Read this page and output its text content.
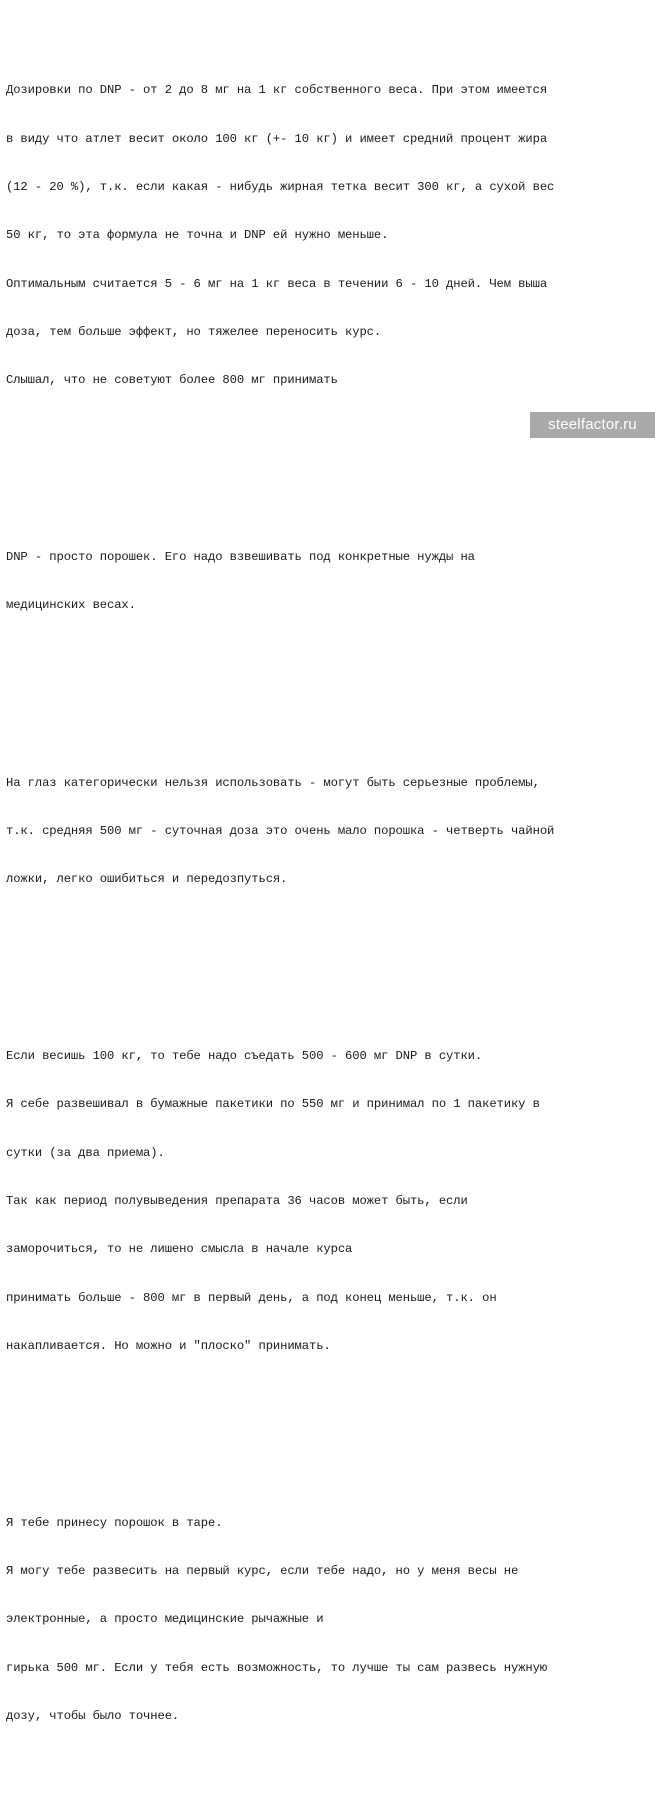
Дозировки по DNP - от 2 до 8 мг на 1 кг собственного веса. При этом имеется

в виду что атлет весит около 100 кг (+- 10 кг) и имеет средний процент жира

(12 - 20 %), т.к. если какая - нибудь жирная тетка весит 300 кг, а сухой вес

50 кг, то эта формула не точна и DNP ей нужно меньше.

Оптимальным считается 5 - 6 мг на 1 кг веса в течении 6 - 10 дней. Чем выша

доза, тем больше эффект, но тяжелее переносить курс.

Слышал, что не советуют более 800 мг принимать

DNP - просто порошек. Его надо взвешивать под конкретные нужды на

медицинских весах.

На глаз категорически нельзя использовать - могут быть серьезные проблемы,

т.к. средняя 500 мг - суточная доза это очень мало порошка - четверть чайной

ложки, легко ошибиться и передозпуться.

Если весишь 100 кг, то тебе надо съедать 500 - 600 мг DNP в сутки.

Я себе развешивал в бумажные пакетики по 550 мг и принимал по 1 пакетику в

сутки (за два приема).

Так как период полувыведения препарата 36 часов может быть, если

заморочиться, то не лишено смысла в начале курса

принимать больше - 800 мг в первый день, а под конец меньше, т.к. он

накапливается. Но можно и "плоско" принимать.

Я тебе принесу порошок в таре.

Я могу тебе развесить на первый курс, если тебе надо, но у меня весы не

электронные, а просто медицинские рычажные и

гирька 500 мг. Если у тебя есть возможность, то лучше ты сам развесь нужную

дозу, чтобы было точнее.

steelfactor.ru
